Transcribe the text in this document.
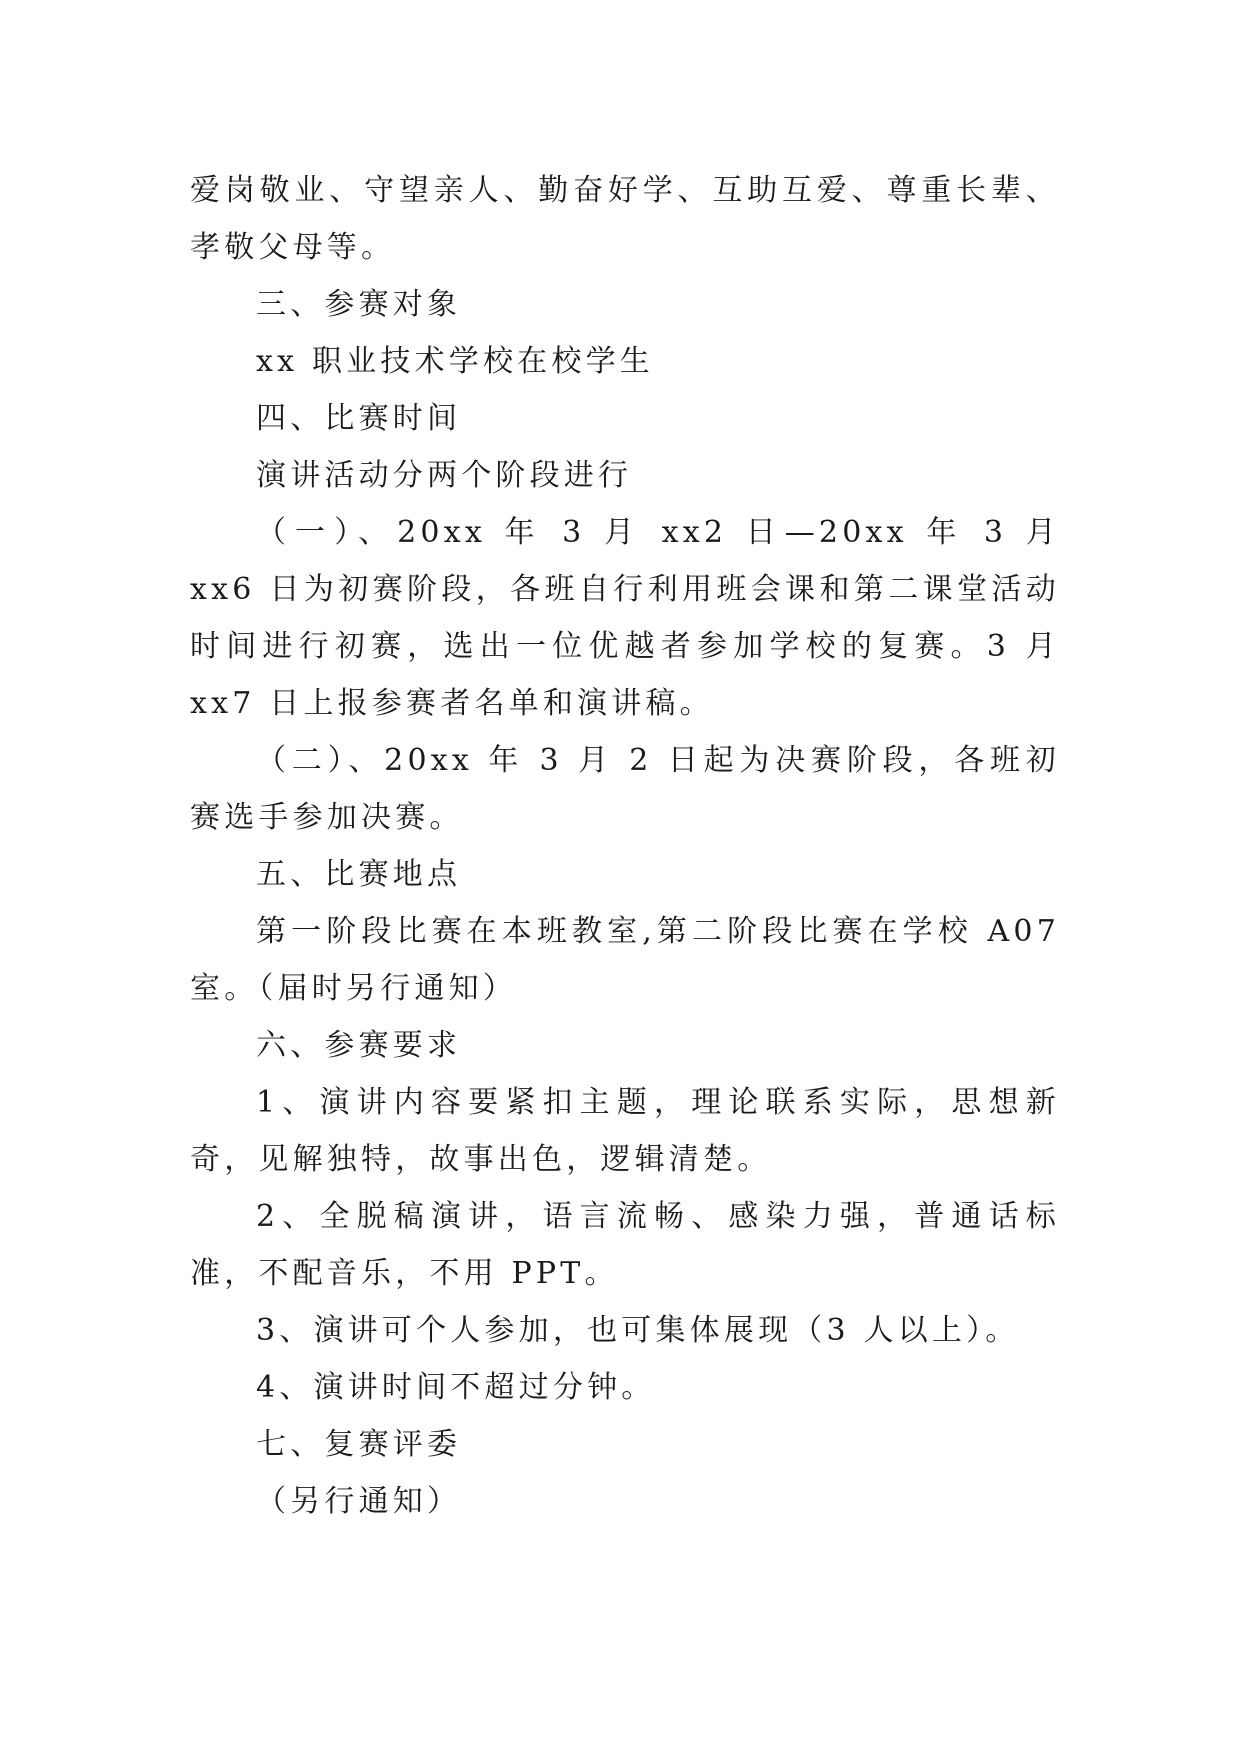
爱岗敬业、守望亲人、勤奋好学、互助互爱、尊重长辈、孝敬父母等。

三、参赛对象

xx 职业技术学校在校学生

四、比赛时间

演讲活动分两个阶段进行

（一）、20xx 年 3 月 xx2 日—20xx 年 3 月 xx6 日为初赛阶段，各班自行利用班会课和第二课堂活动时间进行初赛，选出一位优越者参加学校的复赛。3 月 xx7 日上报参赛者名单和演讲稿。

（二）、20xx 年 3 月 2 日起为决赛阶段，各班初赛选手参加决赛。

五、比赛地点

第一阶段比赛在本班教室,第二阶段比赛在学校 A07 室。（届时另行通知）

六、参赛要求

1、演讲内容要紧扣主题，理论联系实际，思想新奇，见解独特，故事出色，逻辑清楚。

2、全脱稿演讲，语言流畅、感染力强，普通话标准，不配音乐，不用 PPT。

3、演讲可个人参加，也可集体展现（3 人以上）。

4、演讲时间不超过分钟。

七、复赛评委

（另行通知）
